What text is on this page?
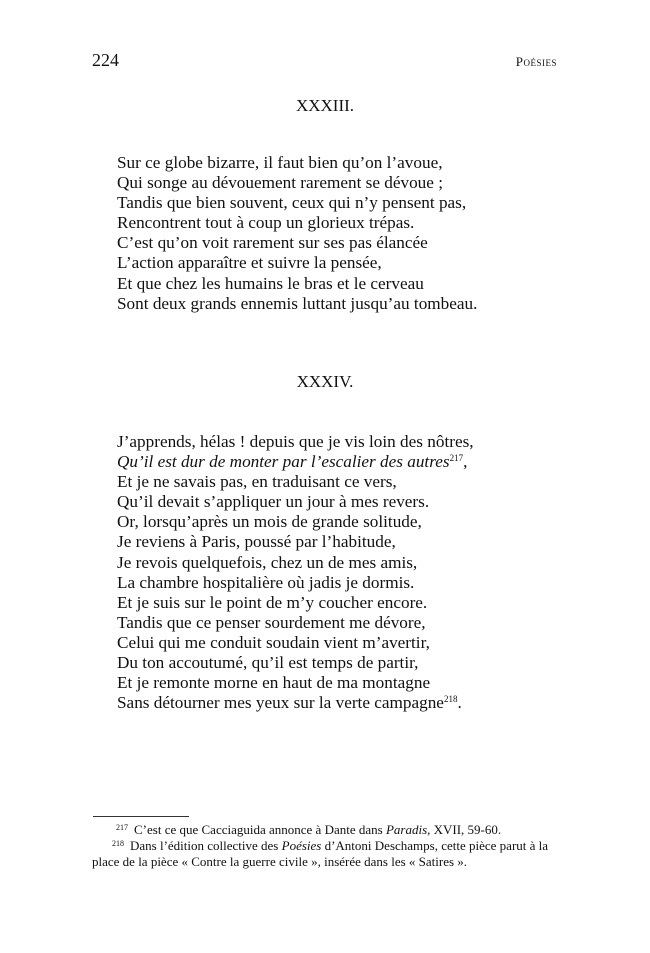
224	Poésies
XXXIII.
Sur ce globe bizarre, il faut bien qu’on l’avoue,
Qui songe au dévouement rarement se dévoue ;
Tandis que bien souvent, ceux qui n’y pensent pas,
Rencontrent tout à coup un glorieux trépas.
C’est qu’on voit rarement sur ses pas élancée
L’action apparaître et suivre la pensée,
Et que chez les humains le bras et le cerveau
Sont deux grands ennemis luttant jusqu’au tombeau.
XXXIV.
J’apprends, hélas ! depuis que je vis loin des nôtres,
Qu’il est dur de monter par l’escalier des autres$^{217}$,
Et je ne savais pas, en traduisant ce vers,
Qu’il devait s’appliquer un jour à mes revers.
Or, lorsqu’après un mois de grande solitude,
Je reviens à Paris, poussé par l’habitude,
Je revois quelquefois, chez un de mes amis,
La chambre hospitalière où jadis je dormis.
Et je suis sur le point de m’y coucher encore.
Tandis que ce penser sourdement me dévore,
Celui qui me conduit soudain vient m’avertir,
Du ton accoutumé, qu’il est temps de partir,
Et je remonte morne en haut de ma montagne
Sans détourner mes yeux sur la verte campagne$^{218}$.

$^{217}$ C’est ce que Cacciaguida annonce à Dante dans Paradis, XVII, 59-60.

$^{218}$ Dans l’édition collective des Poésies d’Antoni Deschamps, cette pièce parut à la place de la pièce « Contre la guerre civile », insérée dans les « Satires ».
